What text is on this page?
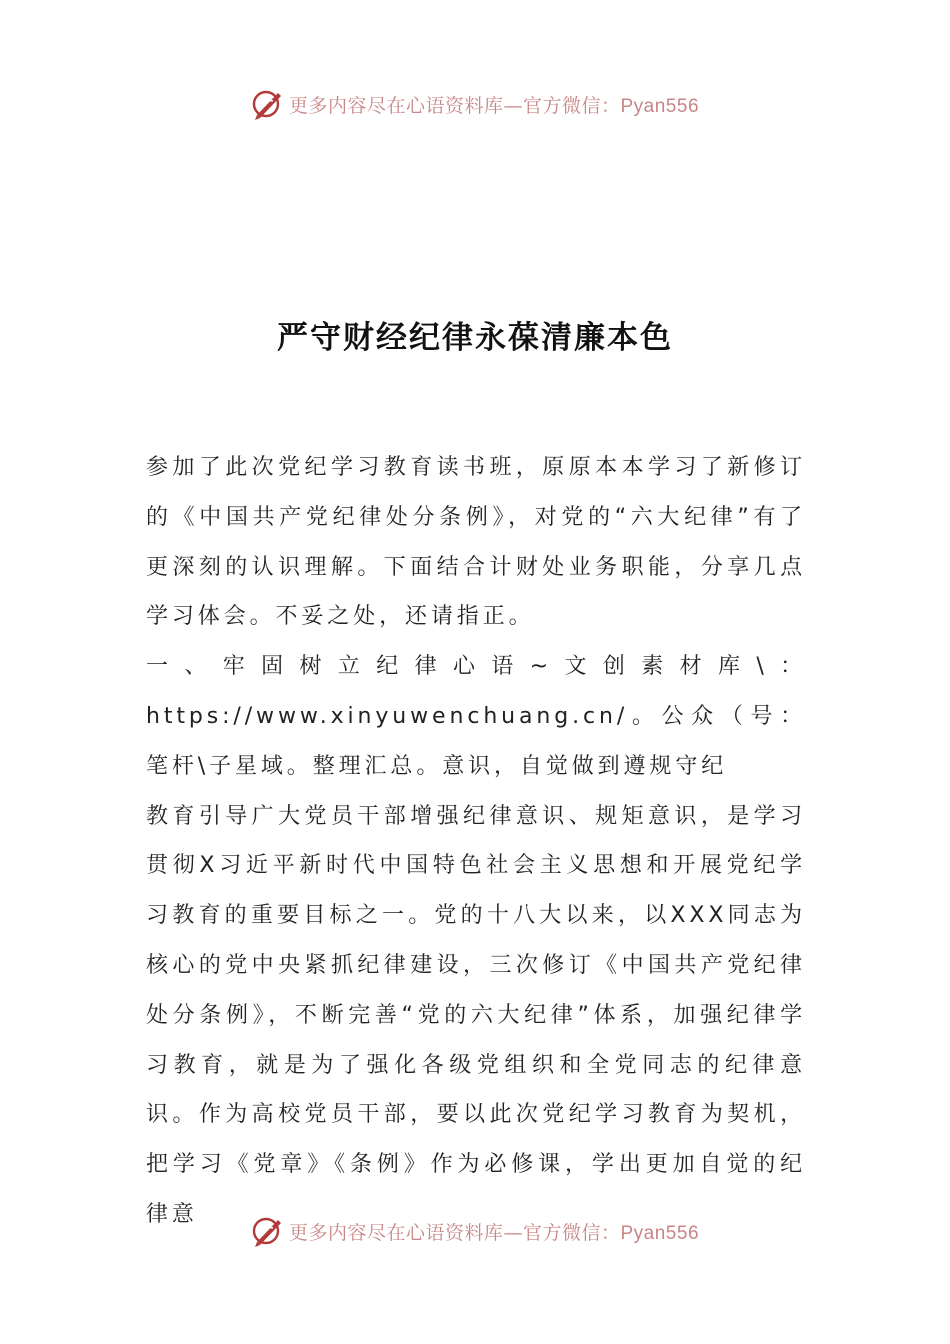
更多内容尽在心语资料库—官方微信：Pyan556
严守财经纪律永葆清廉本色

参加了此次党纪学习教育读书班，原原本本学习了新修订的《中国共产党纪律处分条例》，对党的“六大纪律”有了更深刻的认识理解。下面结合计财处业务职能，分享几点学习体会。不妥之处，还请指正。

一、牢固树立纪律心语~文创素材库\：https://www.xinyuwenchuang.cn/。公众（号：笔杆\子星域。整理汇总。意识，自觉做到遵规守纪

教育引导广大党员干部增强纪律意识、规矩意识，是学习贯彻X习近平新时代中国特色社会主义思想和开展党纪学习教育的重要目标之一。党的十八大以来，以XXX同志为核心的党中央紧抓纪律建设，三次修订《中国共产党纪律处分条例》，不断完善“党的六大纪律”体系，加强纪律学习教育，就是为了强化各级党组织和全党同志的纪律意识。作为高校党员干部，要以此次党纪学习教育为契机，把学习《党章》《条例》作为必修课，学出更加自觉的纪律意

更多内容尽在心语资料库—官方微信：Pyan556
